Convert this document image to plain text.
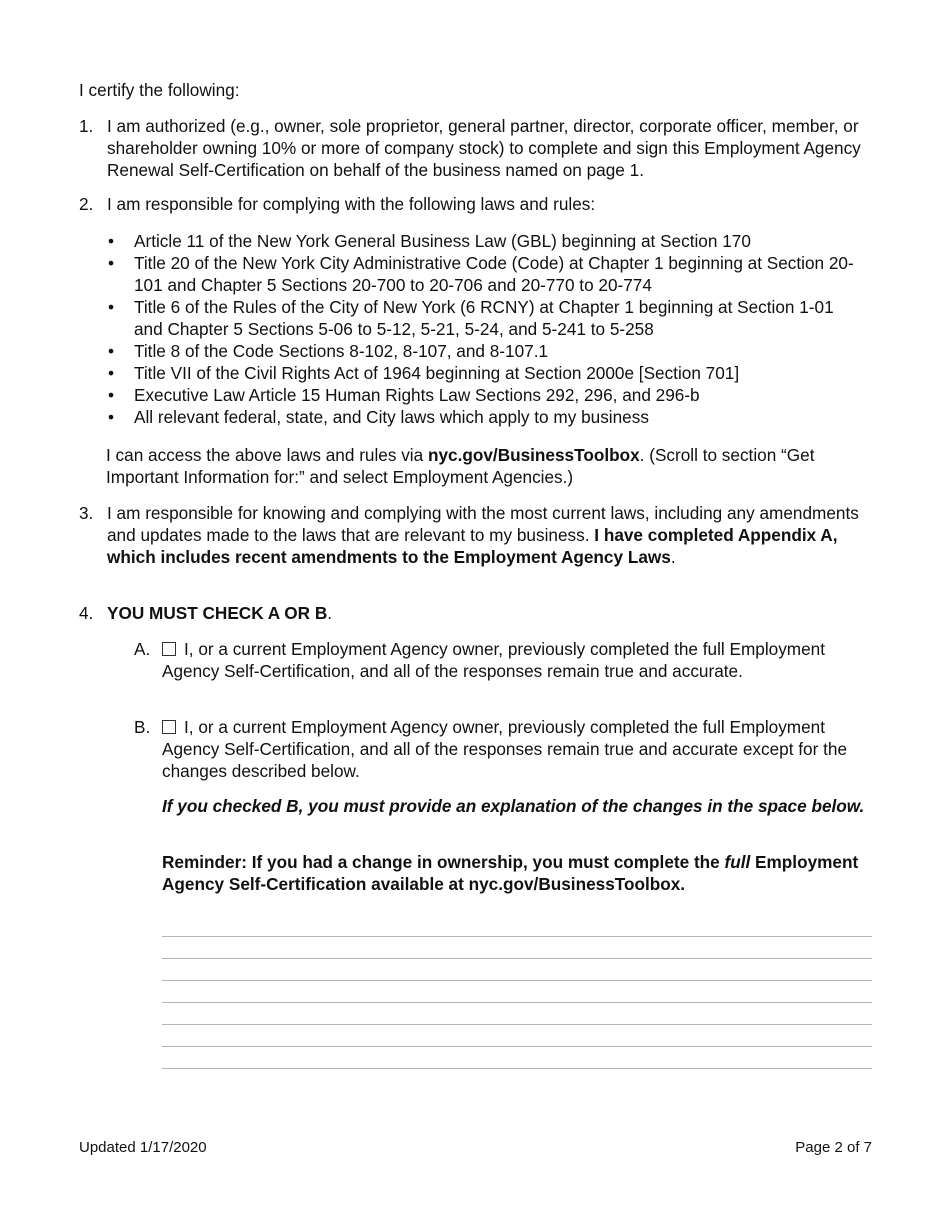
I certify the following:
1. I am authorized (e.g., owner, sole proprietor, general partner, director, corporate officer, member, or shareholder owning 10% or more of company stock) to complete and sign this Employment Agency Renewal Self-Certification on behalf of the business named on page 1.
2. I am responsible for complying with the following laws and rules:
• Article 11 of the New York General Business Law (GBL) beginning at Section 170
• Title 20 of the New York City Administrative Code (Code) at Chapter 1 beginning at Section 20-101 and Chapter 5 Sections 20-700 to 20-706 and 20-770 to 20-774
• Title 6 of the Rules of the City of New York (6 RCNY) at Chapter 1 beginning at Section 1-01 and Chapter 5 Sections 5-06 to 5-12, 5-21, 5-24, and 5-241 to 5-258
• Title 8 of the Code Sections 8-102, 8-107, and 8-107.1
• Title VII of the Civil Rights Act of 1964 beginning at Section 2000e [Section 701]
• Executive Law Article 15 Human Rights Law Sections 292, 296, and 296-b
• All relevant federal, state, and City laws which apply to my business
I can access the above laws and rules via nyc.gov/BusinessToolbox. (Scroll to section “Get Important Information for:” and select Employment Agencies.)
3. I am responsible for knowing and complying with the most current laws, including any amendments and updates made to the laws that are relevant to my business. I have completed Appendix A, which includes recent amendments to the Employment Agency Laws.
4. YOU MUST CHECK A OR B.
A.	I, or a current Employment Agency owner, previously completed the full Employment Agency Self-Certification, and all of the responses remain true and accurate.
B.	I, or a current Employment Agency owner, previously completed the full Employment Agency Self-Certification, and all of the responses remain true and accurate except for the changes described below.
If you checked B, you must provide an explanation of the changes in the space below.
Reminder: If you had a change in ownership, you must complete the full Employment Agency Self-Certification available at nyc.gov/BusinessToolbox.
Updated 1/17/2020	Page 2 of 7
